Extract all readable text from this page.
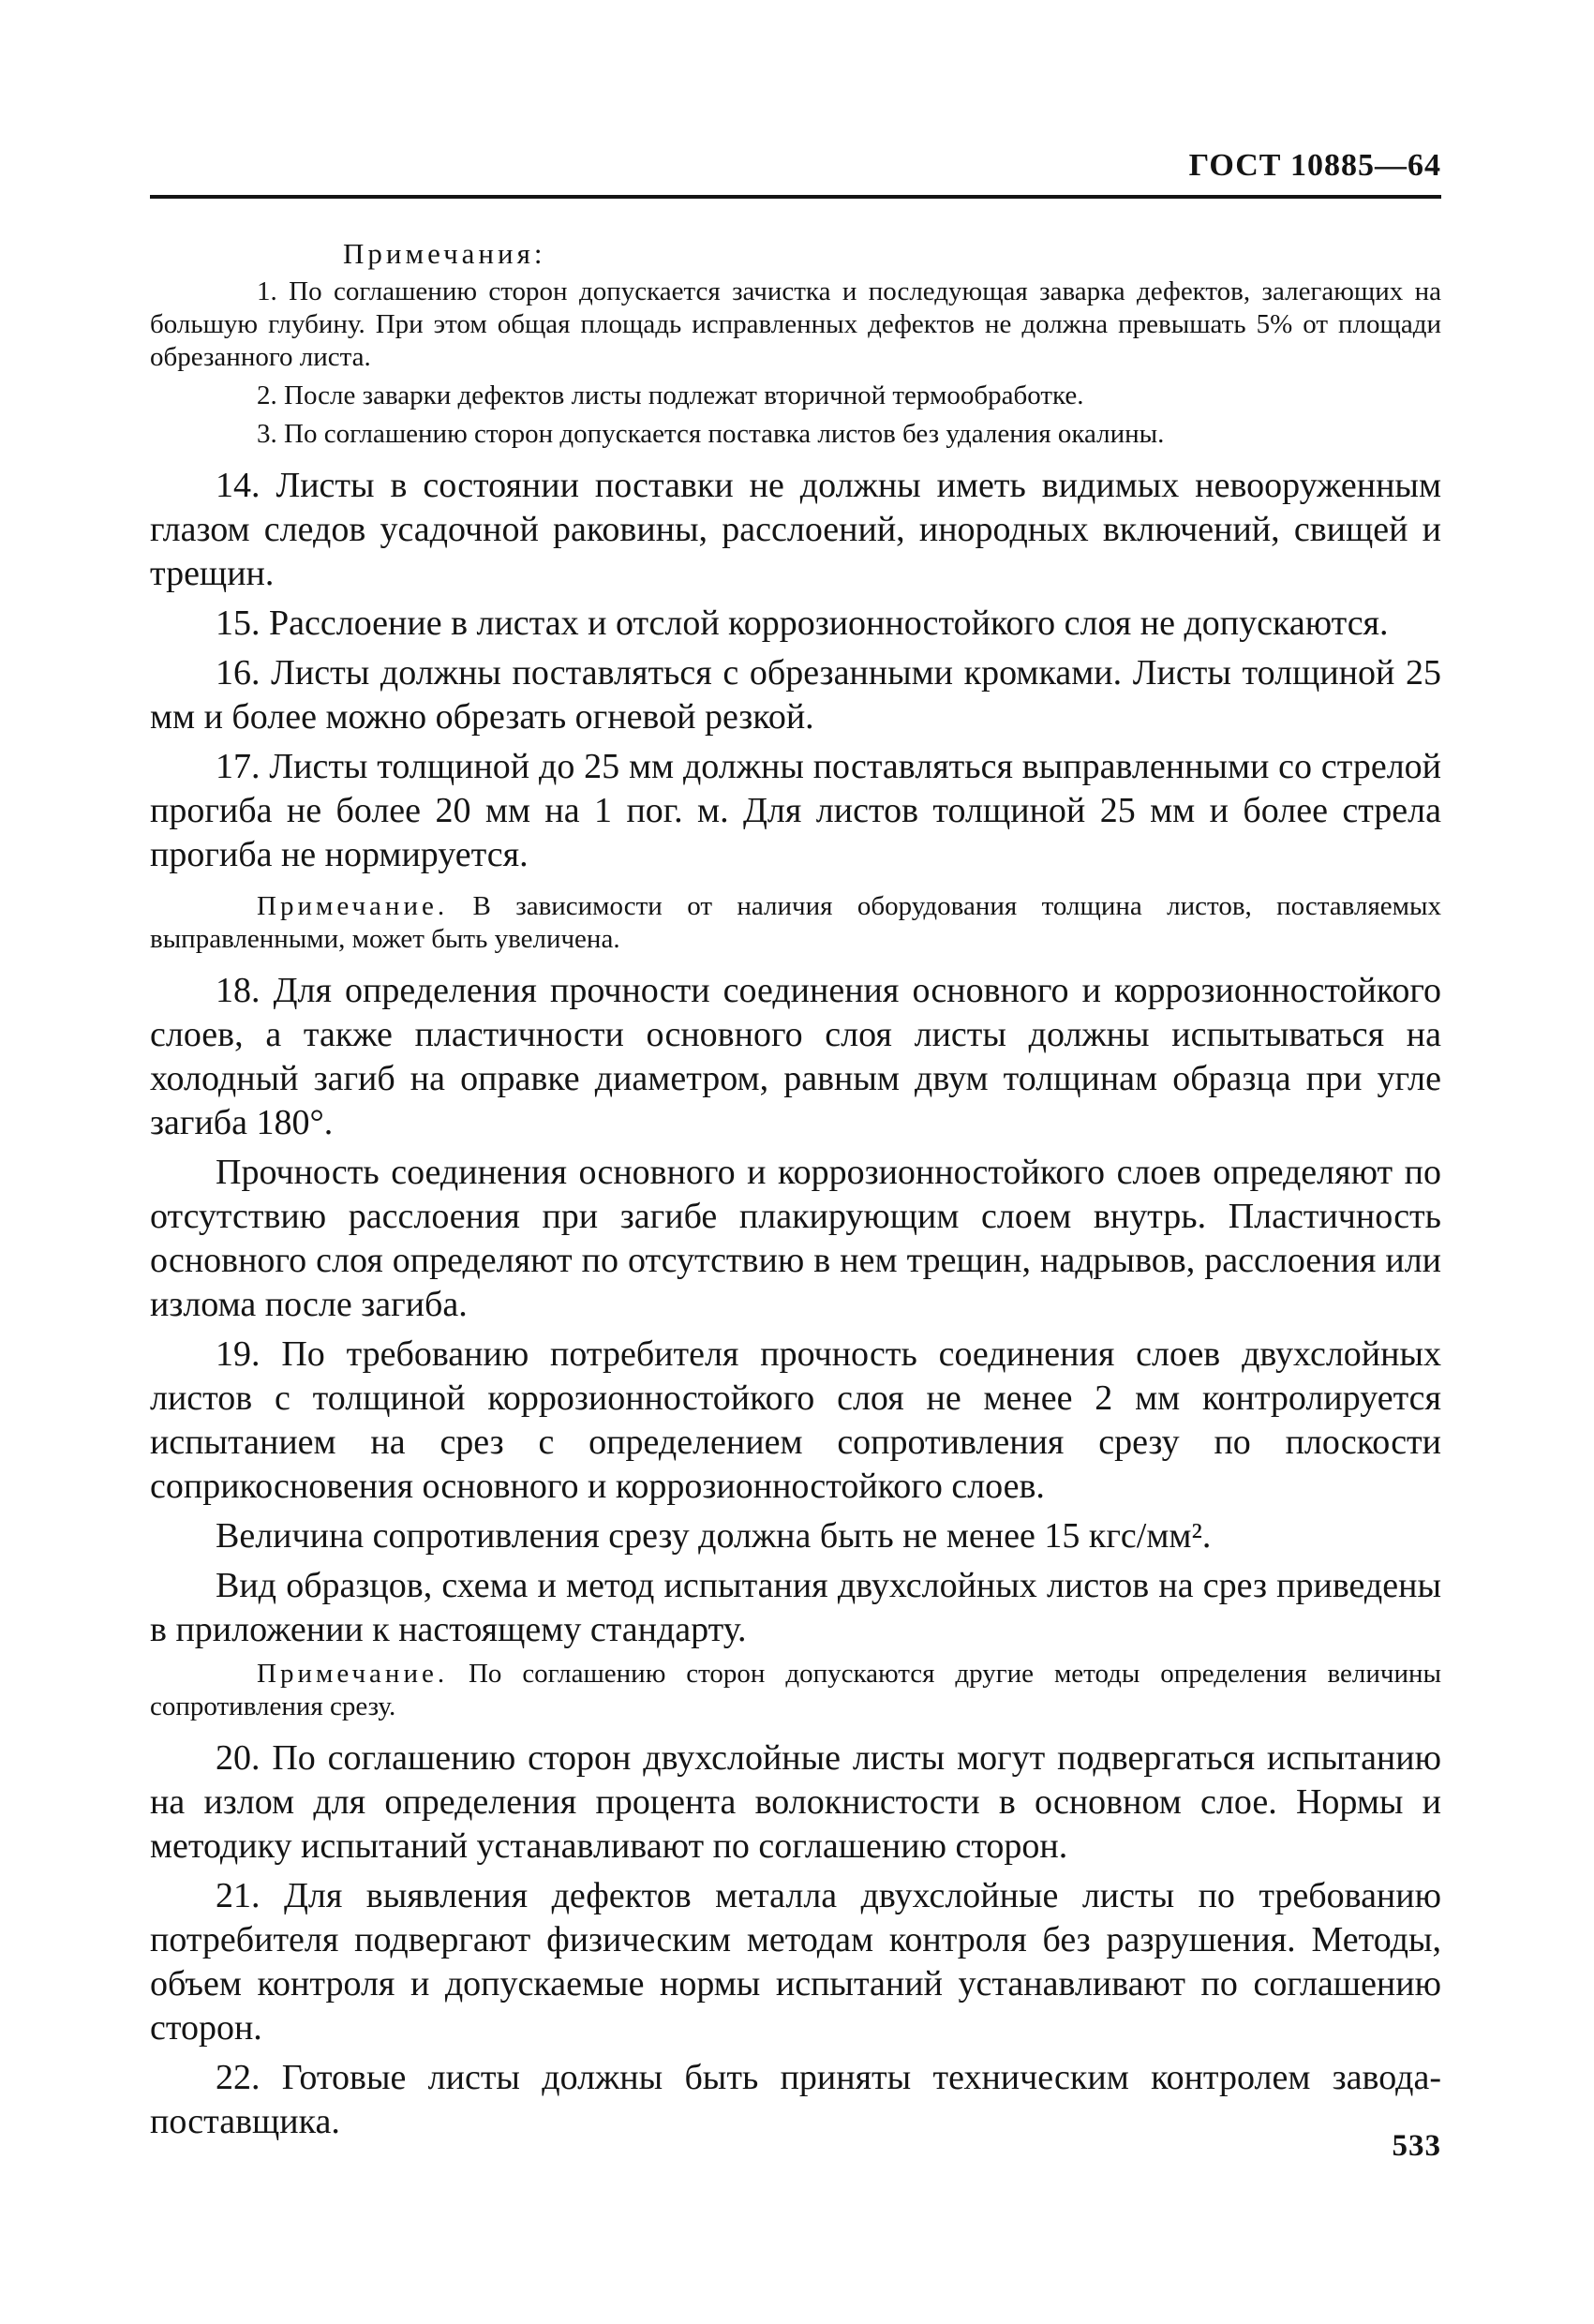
ГОСТ 10885—64
Примечания:

1. По соглашению сторон допускается зачистка и последующая заварка дефектов, залегающих на большую глубину. При этом общая площадь исправленных дефектов не должна превышать 5% от площади обрезанного листа.

2. После заварки дефектов листы подлежат вторичной термообработке.

3. По соглашению сторон допускается поставка листов без удаления окалины.

14. Листы в состоянии поставки не должны иметь видимых невооруженным глазом следов усадочной раковины, расслоений, инородных включений, свищей и трещин.

15. Расслоение в листах и отслой коррозионностойкого слоя не допускаются.

16. Листы должны поставляться с обрезанными кромками. Листы толщиной 25 мм и более можно обрезать огневой резкой.

17. Листы толщиной до 25 мм должны поставляться выправленными со стрелой прогиба не более 20 мм на 1 пог. м. Для листов толщиной 25 мм и более стрела прогиба не нормируется.

Примечание. В зависимости от наличия оборудования толщина листов, поставляемых выправленными, может быть увеличена.

18. Для определения прочности соединения основного и коррозионностойкого слоев, а также пластичности основного слоя листы должны испытываться на холодный загиб на оправке диаметром, равным двум толщинам образца при угле загиба 180°.

Прочность соединения основного и коррозионностойкого слоев определяют по отсутствию расслоения при загибе плакирующим слоем внутрь. Пластичность основного слоя определяют по отсутствию в нем трещин, надрывов, расслоения или излома после загиба.

19. По требованию потребителя прочность соединения слоев двухслойных листов с толщиной коррозионностойкого слоя не менее 2 мм контролируется испытанием на срез с определением сопротивления срезу по плоскости соприкосновения основного и коррозионностойкого слоев.

Величина сопротивления срезу должна быть не менее 15 кгс/мм².

Вид образцов, схема и метод испытания двухслойных листов на срез приведены в приложении к настоящему стандарту.

Примечание. По соглашению сторон допускаются другие методы определения величины сопротивления срезу.

20. По соглашению сторон двухслойные листы могут подвергаться испытанию на излом для определения процента волокнистости в основном слое. Нормы и методику испытаний устанавливают по соглашению сторон.

21. Для выявления дефектов металла двухслойные листы по требованию потребителя подвергают физическим методам контроля без разрушения. Методы, объем контроля и допускаемые нормы испытаний устанавливают по соглашению сторон.

22. Готовые листы должны быть приняты техническим контролем завода-поставщика.

533
